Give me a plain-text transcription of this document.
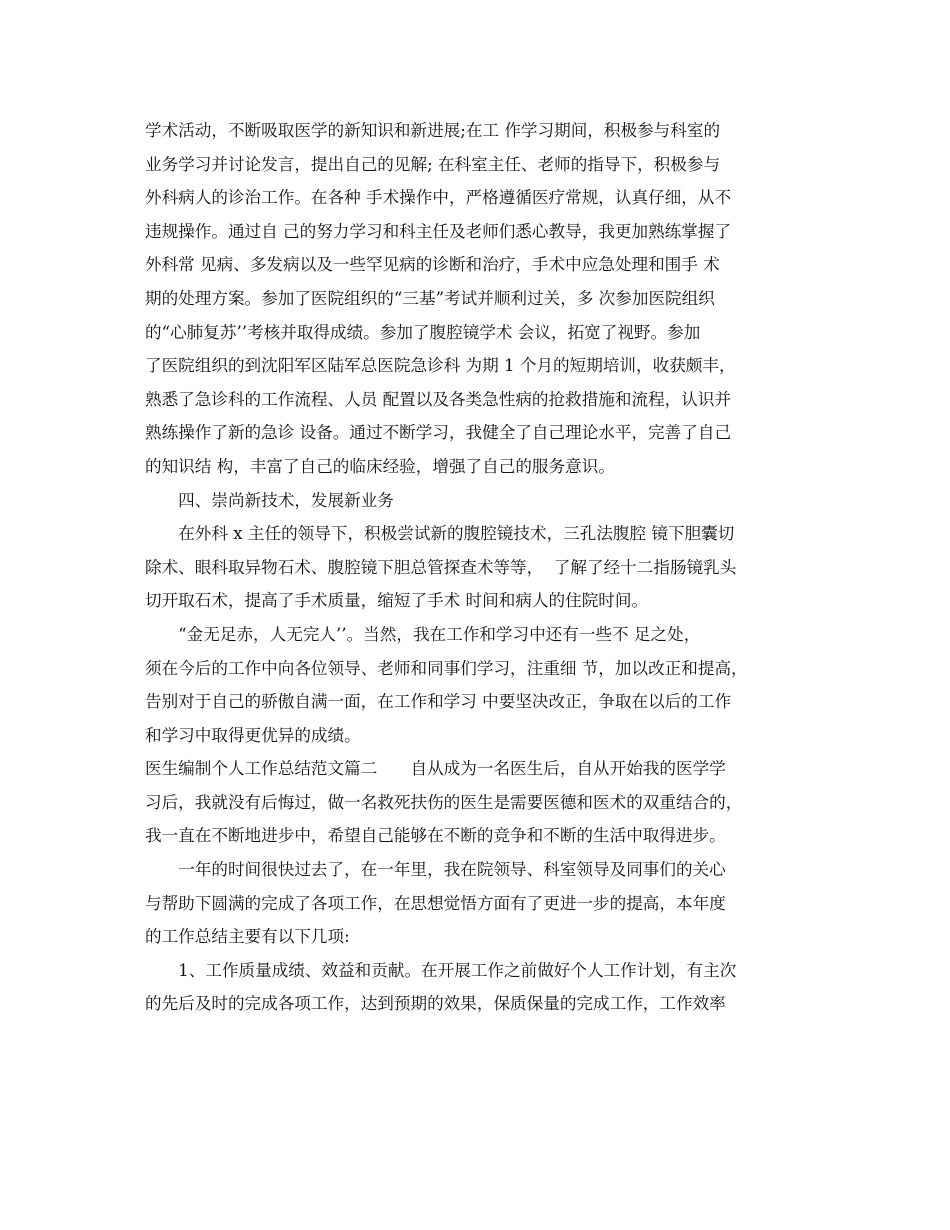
学术活动，不断吸取医学的新知识和新进展;在工 作学习期间，积极参与科室的
业务学习并讨论发言，提出自己的见解; 在科室主任、老师的指导下，积极参与
外科病人的诊治工作。在各种 手术操作中，严格遵循医疗常规，认真仔细，从不
违规操作。通过自 己的努力学习和科主任及老师们悉心教导，我更加熟练掌握了
外科常 见病、多发病以及一些罕见病的诊断和治疗，手术中应急处理和围手 术
期的处理方案。参加了医院组织的“三基”考试并顺利过关，多 次参加医院组织
的“心肺复苏’’考核并取得成绩。参加了腹腔镜学术 会议，拓宽了视野。参加
了医院组织的到沈阳军区陆军总医院急诊科 为期 1 个月的短期培训，收获颇丰，
熟悉了急诊科的工作流程、人员 配置以及各类急性病的抢救措施和流程，认识并
熟练操作了新的急诊 设备。通过不断学习，我健全了自己理论水平，完善了自己
的知识结 构，丰富了自己的临床经验，增强了自己的服务意识。
　　四、崇尚新技术，发展新业务
　　在外科 x 主任的领导下，积极尝试新的腹腔镜技术，三孔法腹腔 镜下胆囊切
除术、眼科取异物石术、腹腔镜下胆总管探查术等等，  了解了经十二指肠镜乳头
切开取石术，提高了手术质量，缩短了手术 时间和病人的住院时间。
　　“金无足赤，人无完人’’。当然，我在工作和学习中还有一些不 足之处，
须在今后的工作中向各位领导、老师和同事们学习，注重细 节，加以改正和提高，
告别对于自己的骄傲自满一面，在工作和学习 中要坚决改正，争取在以后的工作
和学习中取得更优异的成绩。
医生编制个人工作总结范文篇二　　自从成为一名医生后，自从开始我的医学学
习后，我就没有后悔过，做一名救死扶伤的医生是需要医德和医术的双重结合的，
我一直在不断地进步中，希望自己能够在不断的竞争和不断的生活中取得进步。
　　一年的时间很快过去了，在一年里，我在院领导、科室领导及同事们的关心
与帮助下圆满的完成了各项工作，在思想觉悟方面有了更进一步的提高，本年度
的工作总结主要有以下几项:
　　1、工作质量成绩、效益和贡献。在开展工作之前做好个人工作计划，有主次
的先后及时的完成各项工作，达到预期的效果，保质保量的完成工作，工作效率
